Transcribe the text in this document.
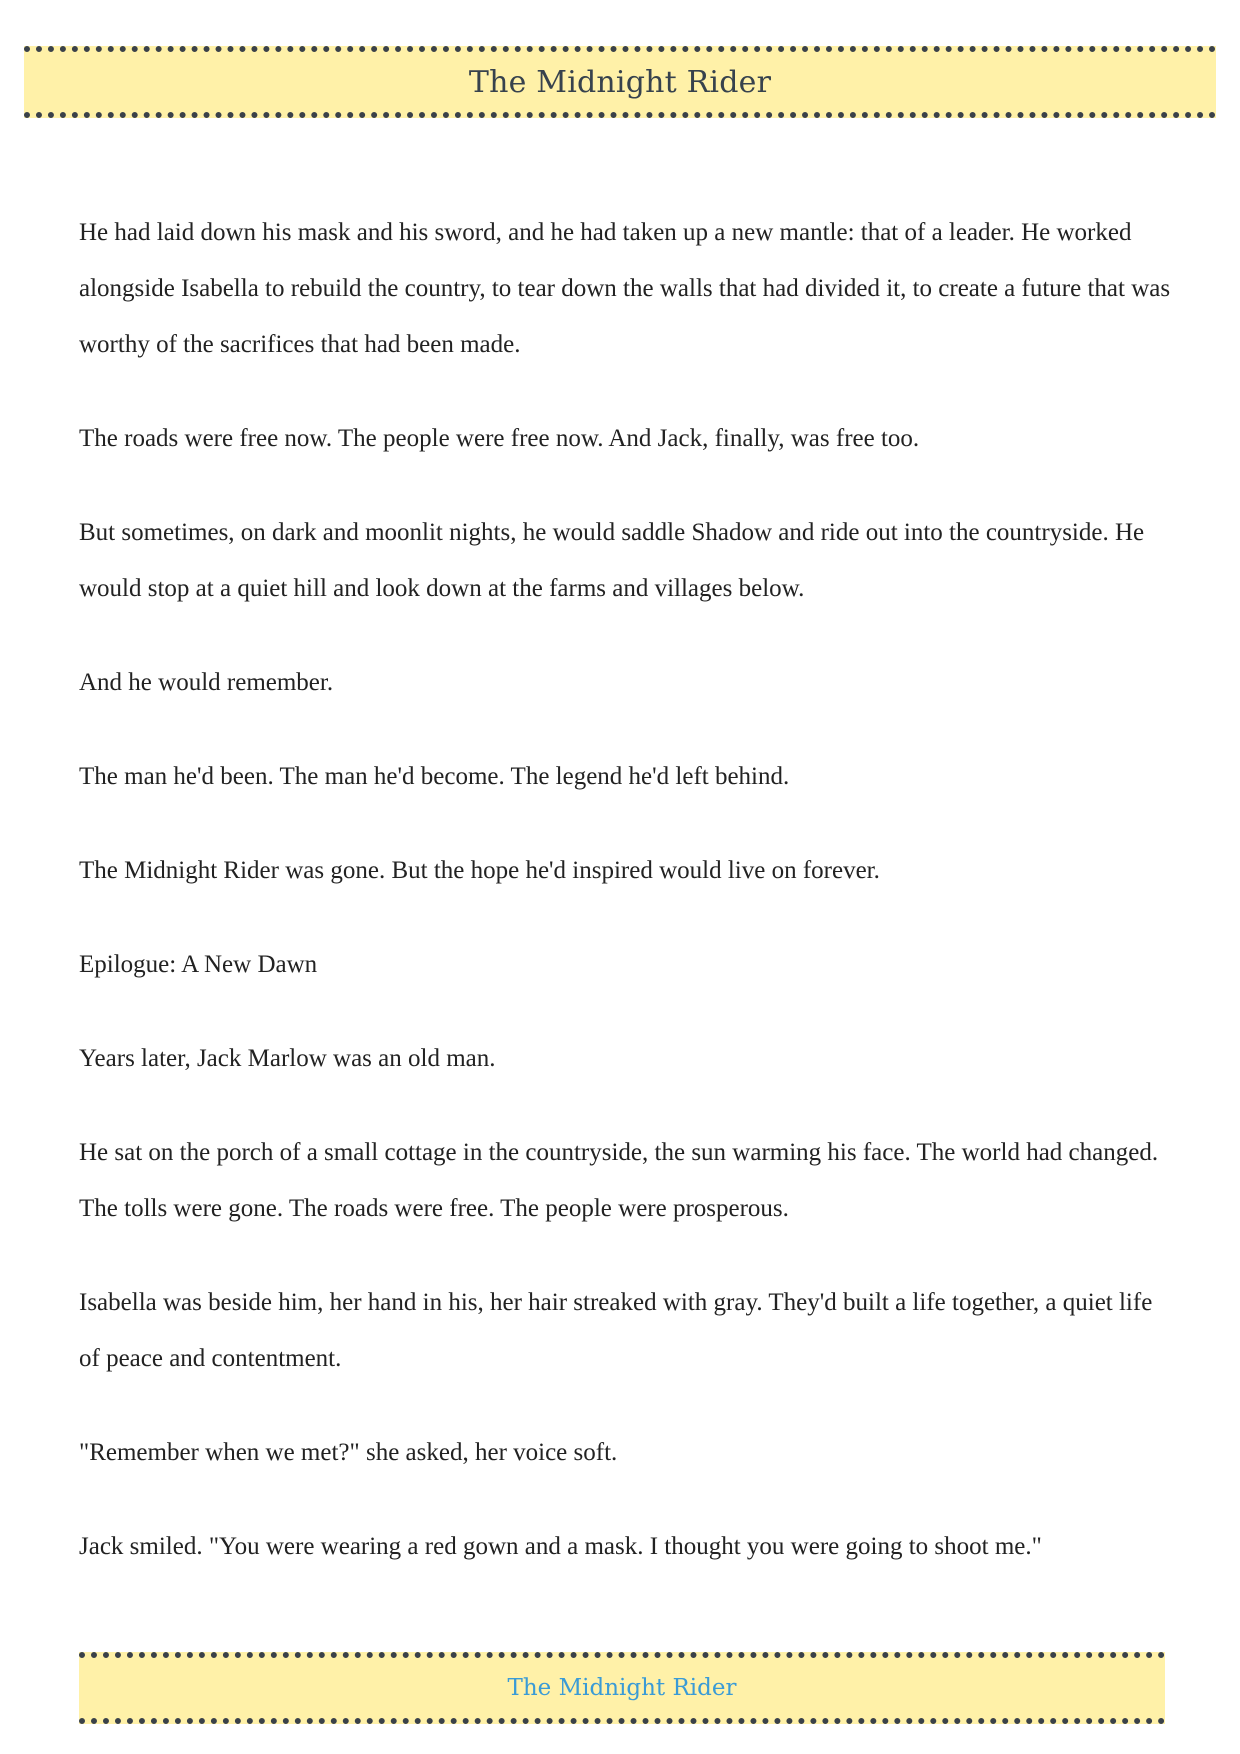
The Midnight Rider

He had laid down his mask and his sword, and he had taken up a new mantle: that of a leader. He worked alongside Isabella to rebuild the country, to tear down the walls that had divided it, to create a future that was worthy of the sacrifices that had been made.

The roads were free now. The people were free now. And Jack, finally, was free too.

But sometimes, on dark and moonlit nights, he would saddle Shadow and ride out into the countryside. He would stop at a quiet hill and look down at the farms and villages below.

And he would remember.

The man he'd been. The man he'd become. The legend he'd left behind.

The Midnight Rider was gone. But the hope he'd inspired would live on forever.

Epilogue: A New Dawn

Years later, Jack Marlow was an old man.

He sat on the porch of a small cottage in the countryside, the sun warming his face. The world had changed. The tolls were gone. The roads were free. The people were prosperous.

Isabella was beside him, her hand in his, her hair streaked with gray. They'd built a life together, a quiet life of peace and contentment.

"Remember when we met?" she asked, her voice soft.

Jack smiled. "You were wearing a red gown and a mask. I thought you were going to shoot me."

The Midnight Rider
